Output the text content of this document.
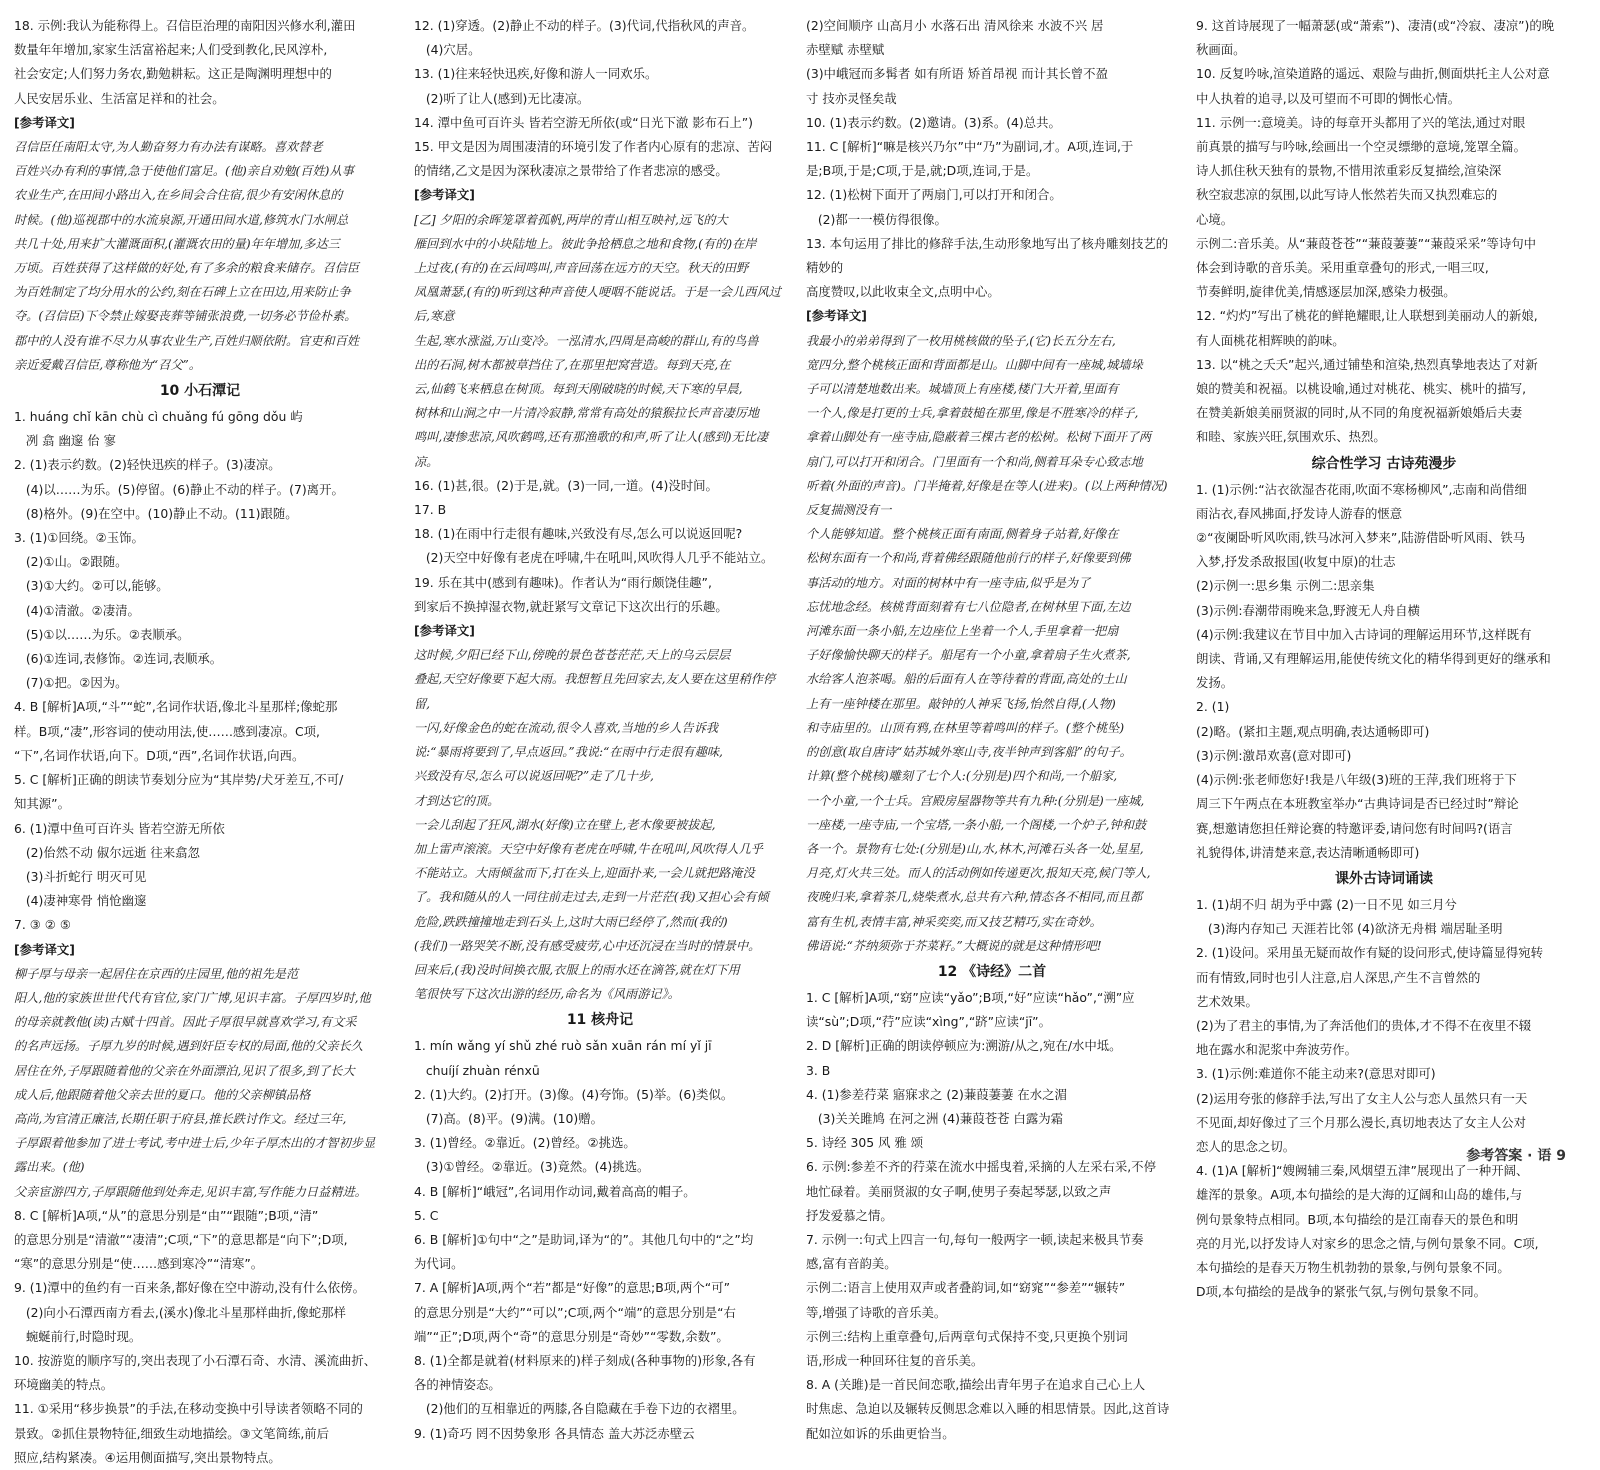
18. 示例:我认为能称得上。召信臣治理的南阳因兴修水利,灌田

数量年年增加,家家生活富裕起来;人们受到教化,民风淳朴,

社会安定;人们努力务农,勤勉耕耘。这正是陶渊明理想中的

人民安居乐业、生活富足祥和的社会。

[参考译文]

召信臣任南阳太守,为人勤奋努力有办法有谋略。喜欢替老

百姓兴办有利的事情,急于使他们富足。(他)亲自劝勉(百姓)从事

农业生产,在田间小路出入,在乡间会合住宿,很少有安闲休息的

时候。(他)巡视郡中的水流泉源,开通田间水道,修筑水门水闸总

共几十处,用来扩大灌溉面积,(灌溉农田的量)年年增加,多达三

万顷。百姓获得了这样做的好处,有了多余的粮食来储存。召信臣

为百姓制定了均分用水的公约,刻在石碑上立在田边,用来防止争

夺。(召信臣)下令禁止嫁娶丧葬等铺张浪费,一切务必节俭朴素。

郡中的人没有谁不尽力从事农业生产,百姓归顺依附。官吏和百姓

亲近爱戴召信臣,尊称他为“召父”。

10 小石潭记

1. huáng chǐ kān chù cì chuǎng fú gōng dǒu 屿

冽 翕 幽邃 佁 寥

2. (1)表示约数。(2)轻快迅疾的样子。(3)凄凉。

(4)以……为乐。(5)停留。(6)静止不动的样子。(7)离开。

(8)格外。(9)在空中。(10)静止不动。(11)跟随。

3. (1)①回绕。②玉饰。

(2)①山。②跟随。

(3)①大约。②可以,能够。

(4)①清澈。②凄清。

(5)①以……为乐。②表顺承。

(6)①连词,表修饰。②连词,表顺承。

(7)①把。②因为。

4. B [解析]A项,“斗”“蛇”,名词作状语,像北斗星那样;像蛇那

样。B项,“凄”,形容词的使动用法,使……感到凄凉。C项,

“下”,名词作状语,向下。D项,“西”,名词作状语,向西。

5. C [解析]正确的朗读节奏划分应为“其岸势/犬牙差互,不可/

知其源”。

6. (1)潭中鱼可百许头 皆若空游无所依

(2)佁然不动 俶尔远逝 往来翕忽

(3)斗折蛇行 明灭可见

(4)凄神寒骨 悄怆幽邃

7. ③ ② ⑤

[参考译文]

柳子厚与母亲一起居住在京西的庄园里,他的祖先是范

阳人,他的家族世世代代有官位,家门广博,见识丰富。子厚四岁时,他

的母亲就教他(读)古赋十四首。因此子厚很早就喜欢学习,有文采

的名声远扬。子厚九岁的时候,遇到奸臣专权的局面,他的父亲长久

居住在外,子厚跟随着他的父亲在外面漂泊,见识了很多,到了长大

成人后,他跟随着他父亲去世的夏口。他的父亲柳镇品格

高尚,为官清正廉洁,长期任职于府县,推长跌讨作文。经过三年,

子厚跟着他参加了进士考试,考中进士后,少年子厚杰出的才智初步显露出来。(他)

父亲宦游四方,子厚跟随他到处奔走,见识丰富,写作能力日益精进。

8. C [解析]A项,“从”的意思分别是“由”“跟随”;B项,“清”

的意思分别是“清澈”“凄清”;C项,“下”的意思都是“向下”;D项,

“寒”的意思分别是“使……感到寒冷”“清寒”。

9. (1)潭中的鱼约有一百来条,都好像在空中游动,没有什么依傍。

(2)向小石潭西南方看去,(溪水)像北斗星那样曲折,像蛇那样

蜿蜒前行,时隐时现。

10. 按游览的顺序写的,突出表现了小石潭石奇、水清、溪流曲折、

环境幽美的特点。

11. ①采用“移步换景”的手法,在移动变换中引导读者领略不同的

景致。②抓住景物特征,细致生动地描绘。③文笔简练,前后

照应,结构紧凑。④运用侧面描写,突出景物特点。

12. (1)穿透。(2)静止不动的样子。(3)代词,代指秋风的声音。

(4)穴居。

13. (1)往来轻快迅疾,好像和游人一同欢乐。

(2)听了让人(感到)无比凄凉。

14. 潭中鱼可百许头 皆若空游无所依(或“日光下澈 影布石上”)

15. 甲文是因为周围凄清的环境引发了作者内心原有的悲凉、苦闷

的情绪,乙文是因为深秋凄凉之景带给了作者悲凉的感受。

[参考译文]

[乙] 夕阳的余晖笼罩着孤帆,两岸的青山相互映衬,远飞的大

雁回到水中的小块陆地上。彼此争抢栖息之地和食物,(有的)在岸

上过夜,(有的)在云间鸣叫,声音回荡在远方的天空。秋天的田野

凤凰萧瑟,(有的)听到这种声音使人哽咽不能说话。于是一会儿西风过后,寒意

生起,寒水涨溢,万山变冷。一泓清水,四周是高峻的群山,有的鸟兽

出的石洞,树木都被草挡住了,在那里把窝营造。每到天亮,在

云,仙鹤飞来栖息在树顶。每到天刚破晓的时候,天下寒的早晨,

树林和山涧之中一片清冷寂静,常常有高处的猿猴拉长声音凄厉地

鸣叫,凄惨悲凉,风吹鹤鸣,还有那渔歌的和声,听了让人(感到)无比凄凉。

16. (1)甚,很。(2)于是,就。(3)一同,一道。(4)没时间。

17. B

18. (1)在雨中行走很有趣味,兴致没有尽,怎么可以说返回呢?

(2)天空中好像有老虎在呼啸,牛在吼叫,风吹得人几乎不能站立。

19. 乐在其中(感到有趣味)。作者认为“雨行颇饶佳趣”,

到家后不换掉湿衣物,就赶紧写文章记下这次出行的乐趣。

[参考译文]

这时候,夕阳已经下山,傍晚的景色苍苍茫茫,天上的乌云层层

叠起,天空好像要下起大雨。我想暂且先回家去,友人要在这里稍作停留,

一闪,好像金色的蛇在流动,很令人喜欢,当地的乡人告诉我

说:“暴雨将要到了,早点返回。”我说:“在雨中行走很有趣味,

兴致没有尽,怎么可以说返回呢?”走了几十步,

才到达它的顶。

一会儿刮起了狂风,湖水(好像)立在壁上,老木像要被拔起,

加上雷声滚滚。天空中好像有老虎在呼啸,牛在吼叫,风吹得人几乎

不能站立。大雨倾盆而下,打在头上,迎面扑来,一会儿就把路淹没

了。我和随从的人一同往前走过去,走到一片茫茫(我)又担心会有倾

危险,跌跌撞撞地走到石头上,这时大雨已经停了,然而(我的)

(我们)一路哭笑不断,没有感受疲劳,心中还沉浸在当时的情景中。

回来后,(我)没时间换衣服,衣服上的雨水还在滴答,就在灯下用

笔很快写下这次出游的经历,命名为《风雨游记》。

11 核舟记

1. mín wǎng yí shǔ zhé ruò sǎn xuān rán mí yǐ jī

chuíjí zhuàn rénxū

2. (1)大约。(2)打开。(3)像。(4)夸饰。(5)举。(6)类似。

(7)高。(8)平。(9)满。(10)赠。

3. (1)曾经。②靠近。(2)曾经。②挑选。

(3)①曾经。②靠近。(3)竟然。(4)挑选。

4. B [解析]“峨冠”,名词用作动词,戴着高高的帽子。

5. C

6. B [解析]①句中“之”是助词,译为“的”。其他几句中的“之”均

为代词。

7. A [解析]A项,两个“若”都是“好像”的意思;B项,两个“可”

的意思分别是“大约”“可以”;C项,两个“端”的意思分别是“右

端”“正”;D项,两个“奇”的意思分别是“奇妙”“零数,余数”。

8. (1)全都是就着(材料原来的)样子刻成(各种事物的)形象,各有

各的神情姿态。

(2)他们的互相靠近的两膝,各自隐藏在手卷下边的衣褶里。

9. (1)奇巧 罔不因势象形 各具情态 盖大苏泛赤壁云

(2)空间顺序 山高月小 水落石出 清风徐来 水波不兴 居

赤壁赋 赤壁赋

(3)中峨冠而多髯者 如有所语 矫首昂视 而计其长曾不盈

寸 技亦灵怪矣哉

10. (1)表示约数。(2)邀请。(3)系。(4)总共。

11. C [解析]“嘛是核兴乃尔”中“乃”为副词,才。A项,连词,于

是;B项,于是;C项,于是,就;D项,连词,于是。

12. (1)松树下面开了两扇门,可以打开和闭合。

(2)都一一模仿得很像。

13. 本句运用了排比的修辞手法,生动形象地写出了核舟雕刻技艺的精妙的

高度赞叹,以此收束全文,点明中心。

[参考译文]

我最小的弟弟得到了一枚用桃核做的坠子,(它)长五分左右,

宽四分,整个桃核正面和背面都是山。山脚中间有一座城,城墙垛

子可以清楚地数出来。城墙顶上有座楼,楼门大开着,里面有

一个人,像是打更的士兵,拿着鼓槌在那里,像是不胜寒冷的样子,

拿着山脚处有一座寺庙,隐蔽着三棵古老的松树。松树下面开了两

扇门,可以打开和闭合。门里面有一个和尚,侧着耳朵专心致志地

听着(外面的声音)。门半掩着,好像是在等人(进来)。(以上两种情况)反复揣测没有一

个人能够知道。整个桃核正面有南面,侧着身子站着,好像在

松树东面有一个和尚,背着佛经跟随他前行的样子,好像要到佛

事活动的地方。对面的树林中有一座寺庙,似乎是为了

忘忧地念经。核桃背面刻着有七八位隐者,在树林里下面,左边

河滩东面一条小船,左边座位上坐着一个人,手里拿着一把扇

子好像愉快聊天的样子。船尾有一个小童,拿着扇子生火煮茶,

水给客人泡茶喝。船的后面有人在等待着的背面,高处的土山

上有一座钟楼在那里。敲钟的人神采飞扬,怡然自得,(人物)

和寺庙里的。山顶有鸦,在林里等着鸣叫的样子。(整个桃坠)

的创意(取自唐诗“姑苏城外寒山寺,夜半钟声到客船”的句子。

计算(整个桃核)雕刻了七个人:(分别是)四个和尚,一个船家,

一个小童,一个士兵。宫殿房屋器物等共有九种:(分别是)一座城,

一座楼,一座寺庙,一个宝塔,一条小船,一个阁楼,一个炉子,钟和鼓

各一个。景物有七处:(分别是)山,水,林木,河滩石头各一处,星星,

月亮,灯火共三处。而人的活动例如传递更次,报知天亮,候门等人,

夜晚归来,拿着茶几,烧柴煮水,总共有六种,情态各不相同,而且都

富有生机,表情丰富,神采奕奕,而又技艺精巧,实在奇妙。

佛语说:“芥纳须弥于芥菜籽。”大概说的就是这种情形吧!

12 《诗经》二首

1. C [解析]A项,“窈”应读“yǎo”;B项,“好”应读“hǎo”,“溯”应

读“sù”;D项,“荇”应读“xìng”,“跻”应读“jī”。

2. D [解析]正确的朗读停顿应为:溯游/从之,宛在/水中坻。

3. B

4. (1)参差荇菜 寤寐求之 (2)蒹葭萋萋 在水之湄

(3)关关雎鸠 在河之洲 (4)蒹葭苍苍 白露为霜

5. 诗经 305 风 雅 颂

6. 示例:参差不齐的荇菜在流水中摇曳着,采摘的人左采右采,不停

地忙碌着。美丽贤淑的女子啊,使男子奏起琴瑟,以致之声

抒发爱慕之情。

7. 示例一:句式上四言一句,每句一般两字一顿,读起来极具节奏

感,富有音韵美。

示例二:语言上使用双声或者叠韵词,如“窈窕”“参差”“辗转”

等,增强了诗歌的音乐美。

示例三:结构上重章叠句,后两章句式保持不变,只更换个别词

语,形成一种回环往复的音乐美。

8. A (关雎)是一首民间恋歌,描绘出青年男子在追求自己心上人

时焦虑、急迫以及辗转反侧思念难以入睡的相思情景。因此,这首诗

配如泣如诉的乐曲更恰当。

9. 这首诗展现了一幅萧瑟(或“萧索”)、凄清(或“冷寂、凄凉”)的晚

秋画面。

10. 反复吟咏,渲染道路的遥远、艰险与曲折,侧面烘托主人公对意

中人执着的追寻,以及可望而不可即的惆怅心情。

11. 示例一:意境美。诗的每章开头都用了兴的笔法,通过对眼

前真景的描写与吟咏,绘画出一个空灵缥缈的意境,笼罩全篇。

诗人抓住秋天独有的景物,不惜用浓重彩反复描绘,渲染深

秋空寂悲凉的氛围,以此写诗人怅然若失而又执烈难忘的

心境。

示例二:音乐美。从“蒹葭苍苍”“蒹葭萋萋”“蒹葭采采”等诗句中

体会到诗歌的音乐美。采用重章叠句的形式,一唱三叹,

节奏鲜明,旋律优美,情感逐层加深,感染力极强。

12. “灼灼”写出了桃花的鲜艳耀眼,让人联想到美丽动人的新娘,

有人面桃花相辉映的韵味。

13. 以“桃之夭夭”起兴,通过铺垫和渲染,热烈真挚地表达了对新

娘的赞美和祝福。以桃设喻,通过对桃花、桃实、桃叶的描写,

在赞美新娘美丽贤淑的同时,从不同的角度祝福新娘婚后夫妻

和睦、家族兴旺,氛围欢乐、热烈。

综合性学习 古诗苑漫步

1. (1)示例:“沾衣欲湿杏花雨,吹面不寒杨柳风”,志南和尚借细

雨沾衣,春风拂面,抒发诗人游春的惬意

②“夜阑卧听风吹雨,铁马冰河入梦来”,陆游借卧听风雨、铁马

入梦,抒发杀敌报国(收复中原)的壮志

(2)示例一:思乡集 示例二:思亲集

(3)示例:春潮带雨晚来急,野渡无人舟自横

(4)示例:我建议在节目中加入古诗词的理解运用环节,这样既有

朗读、背诵,又有理解运用,能使传统文化的精华得到更好的继承和

发扬。

2. (1)

(2)略。(紧扣主题,观点明确,表达通畅即可)

(3)示例:激昂欢喜(意对即可)

(4)示例:张老师您好!我是八年级(3)班的王萍,我们班将于下

周三下午两点在本班教室举办“古典诗词是否已经过时”辩论

赛,想邀请您担任辩论赛的特邀评委,请问您有时间吗?(语言

礼貌得体,讲清楚来意,表达清晰通畅即可)

课外古诗词诵读

1. (1)胡不归 胡为乎中露 (2)一日不见 如三月兮

(3)海内存知己 天涯若比邻 (4)欲济无舟楫 端居耻圣明

2. (1)设问。采用虽无疑而故作有疑的设问形式,使诗篇显得宛转

而有情致,同时也引人注意,启人深思,产生不言曾然的

艺术效果。

(2)为了君主的事情,为了奔活他们的贵体,才不得不在夜里不辍

地在露水和泥浆中奔波劳作。

3. (1)示例:难道你不能主动来?(意思对即可)

(2)运用夸张的修辞手法,写出了女主人公与恋人虽然只有一天

不见面,却好像过了三个月那么漫长,真切地表达了女主人公对

恋人的思念之切。

4. (1)A [解析]“嫂阙辅三秦,风烟望五津”展现出了一种开阔、

雄浑的景象。A项,本句描绘的是大海的辽阔和山岛的雄伟,与

例句景象特点相同。B项,本句描绘的是江南春天的景色和明

亮的月光,以抒发诗人对家乡的思念之情,与例句景象不同。C项,

本句描绘的是春天万物生机勃勃的景象,与例句景象不同。

D项,本句描绘的是战争的紧张气氛,与例句景象不同。

参考答案 · 语 9
